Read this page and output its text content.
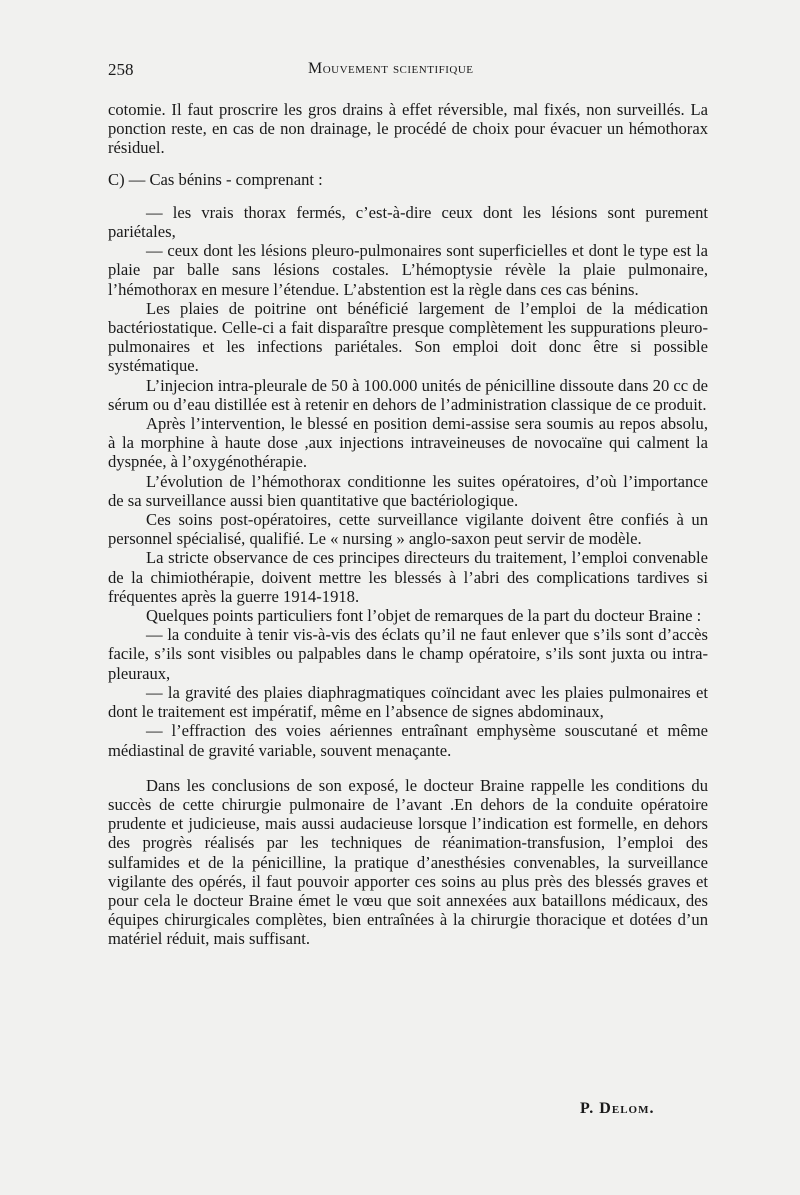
258	Mouvement scientifique

cotomie. Il faut proscrire les gros drains à effet réversible, mal fixés, non surveillés. La ponction reste, en cas de non drainage, le procédé de choix pour évacuer un hémothorax résiduel.

C) — Cas bénins - comprenant :

— les vrais thorax fermés, c’est-à-dire ceux dont les lésions sont purement pariétales,

— ceux dont les lésions pleuro-pulmonaires sont superficielles et dont le type est la plaie par balle sans lésions costales. L’hémoptysie révèle la plaie pulmonaire, l’hémothorax en mesure l’étendue. L’abstention est la règle dans ces cas bénins.

Les plaies de poitrine ont bénéficié largement de l’emploi de la médication bactériostatique. Celle-ci a fait disparaître presque complètement les suppurations pleuro-pulmonaires et les infections pariétales. Son emploi doit donc être si possible systématique.

L’injecion intra-pleurale de 50 à 100.000 unités de pénicilline dissoute dans 20 cc de sérum ou d’eau distillée est à retenir en dehors de l’administration classique de ce produit.

Après l’intervention, le blessé en position demi-assise sera soumis au repos absolu, à la morphine à haute dose ,aux injections intraveineuses de novocaïne qui calment la dyspnée, à l’oxygénothérapie.

L’évolution de l’hémothorax conditionne les suites opératoires, d’où l’importance de sa surveillance aussi bien quantitative que bactériologique.

Ces soins post-opératoires, cette surveillance vigilante doivent être confiés à un personnel spécialisé, qualifié. Le « nursing » anglo-saxon peut servir de modèle.

La stricte observance de ces principes directeurs du traitement, l’emploi convenable de la chimiothérapie, doivent mettre les blessés à l’abri des complications tardives si fréquentes après la guerre 1914-1918.

Quelques points particuliers font l’objet de remarques de la part du docteur Braine :

— la conduite à tenir vis-à-vis des éclats qu’il ne faut enlever que s’ils sont d’accès facile, s’ils sont visibles ou palpables dans le champ opératoire, s’ils sont juxta ou intra-pleuraux,

— la gravité des plaies diaphragmatiques coïncidant avec les plaies pulmonaires et dont le traitement est impératif, même en l’absence de signes abdominaux,

— l’effraction des voies aériennes entraînant emphysème souscutané et même médiastinal de gravité variable, souvent menaçante.

Dans les conclusions de son exposé, le docteur Braine rappelle les conditions du succès de cette chirurgie pulmonaire de l’avant .En dehors de la conduite opératoire prudente et judicieuse, mais aussi audacieuse lorsque l’indication est formelle, en dehors des progrès réalisés par les techniques de réanimation-transfusion, l’emploi des sulfamides et de la pénicilline, la pratique d’anesthésies convenables, la surveillance vigilante des opérés, il faut pouvoir apporter ces soins au plus près des blessés graves et pour cela le docteur Braine émet le vœu que soit annexées aux bataillons médicaux, des équipes chirurgicales complètes, bien entraînées à la chirurgie thoracique et dotées d’un matériel réduit, mais suffisant.

P. Delom.
